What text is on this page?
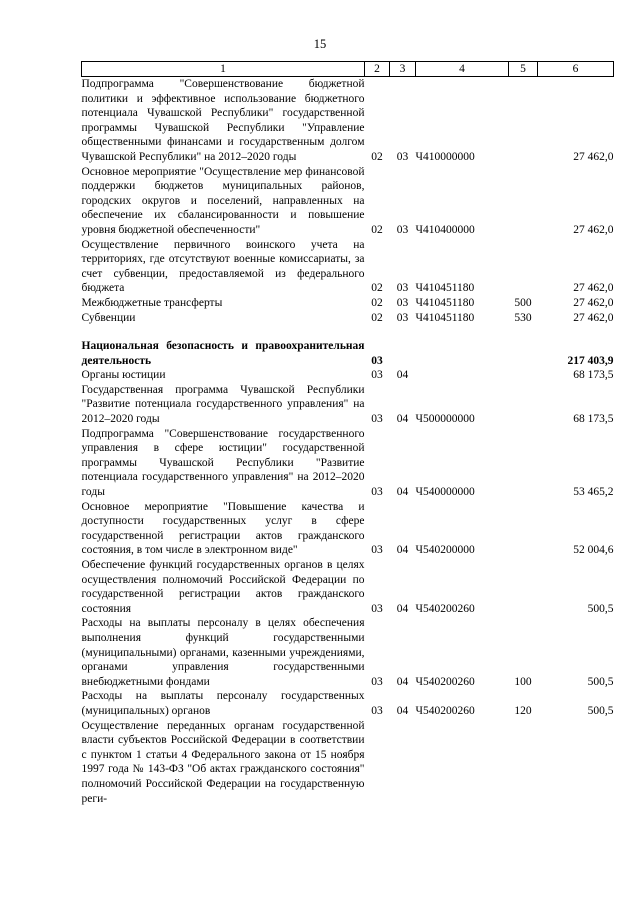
15
1	2	3	4	5	6
Подпрограмма "Совершенствование бюджетной политики и эффективное использование бюджетного потенциала Чувашской Республики" государственной программы Чувашской Республики "Управление общественными финансами и государственным долгом Чувашской Республики" на 2012–2020 годы	02	03	Ч410000000		27 462,0
Основное мероприятие "Осуществление мер финансовой поддержки бюджетов муниципальных районов, городских округов и поселений, направленных на обеспечение их сбалансированности и повышение уровня бюджетной обеспеченности"	02	03	Ч410400000		27 462,0
Осуществление первичного воинского учета на территориях, где отсутствуют военные комиссариаты, за счет субвенции, предоставляемой из федерального бюджета	02	03	Ч410451180		27 462,0
Межбюджетные трансферты	02	03	Ч410451180	500	27 462,0
Субвенции	02	03	Ч410451180	530	27 462,0

Национальная безопасность и правоохранительная деятельность	03				217 403,9
Органы юстиции	03	04			68 173,5
Государственная программа Чувашской Республики "Развитие потенциала государственного управления" на 2012–2020 годы	03	04	Ч500000000		68 173,5
Подпрограмма "Совершенствование государственного управления в сфере юстиции" государственной программы Чувашской Республики "Развитие потенциала государственного управления" на 2012–2020 годы	03	04	Ч540000000		53 465,2
Основное мероприятие "Повышение качества и доступности государственных услуг в сфере государственной регистрации актов гражданского состояния, в том числе в электронном виде"	03	04	Ч540200000		52 004,6
Обеспечение функций государственных органов в целях осуществления полномочий Российской Федерации по государственной регистрации актов гражданского состояния	03	04	Ч540200260		500,5
Расходы на выплаты персоналу в целях обеспечения выполнения функций государственными (муниципальными) органами, казенными учреждениями, органами управления государственными внебюджетными фондами	03	04	Ч540200260	100	500,5
Расходы на выплаты персоналу государственных (муниципальных) органов	03	04	Ч540200260	120	500,5
Осуществление переданных органам государственной власти субъектов Российской Федерации в соответствии с пунктом 1 статьи 4 Федерального закона от 15 ноября 1997 года № 143-ФЗ "Об актах гражданского состояния" полномочий Российской Федерации на государственную реги-					
